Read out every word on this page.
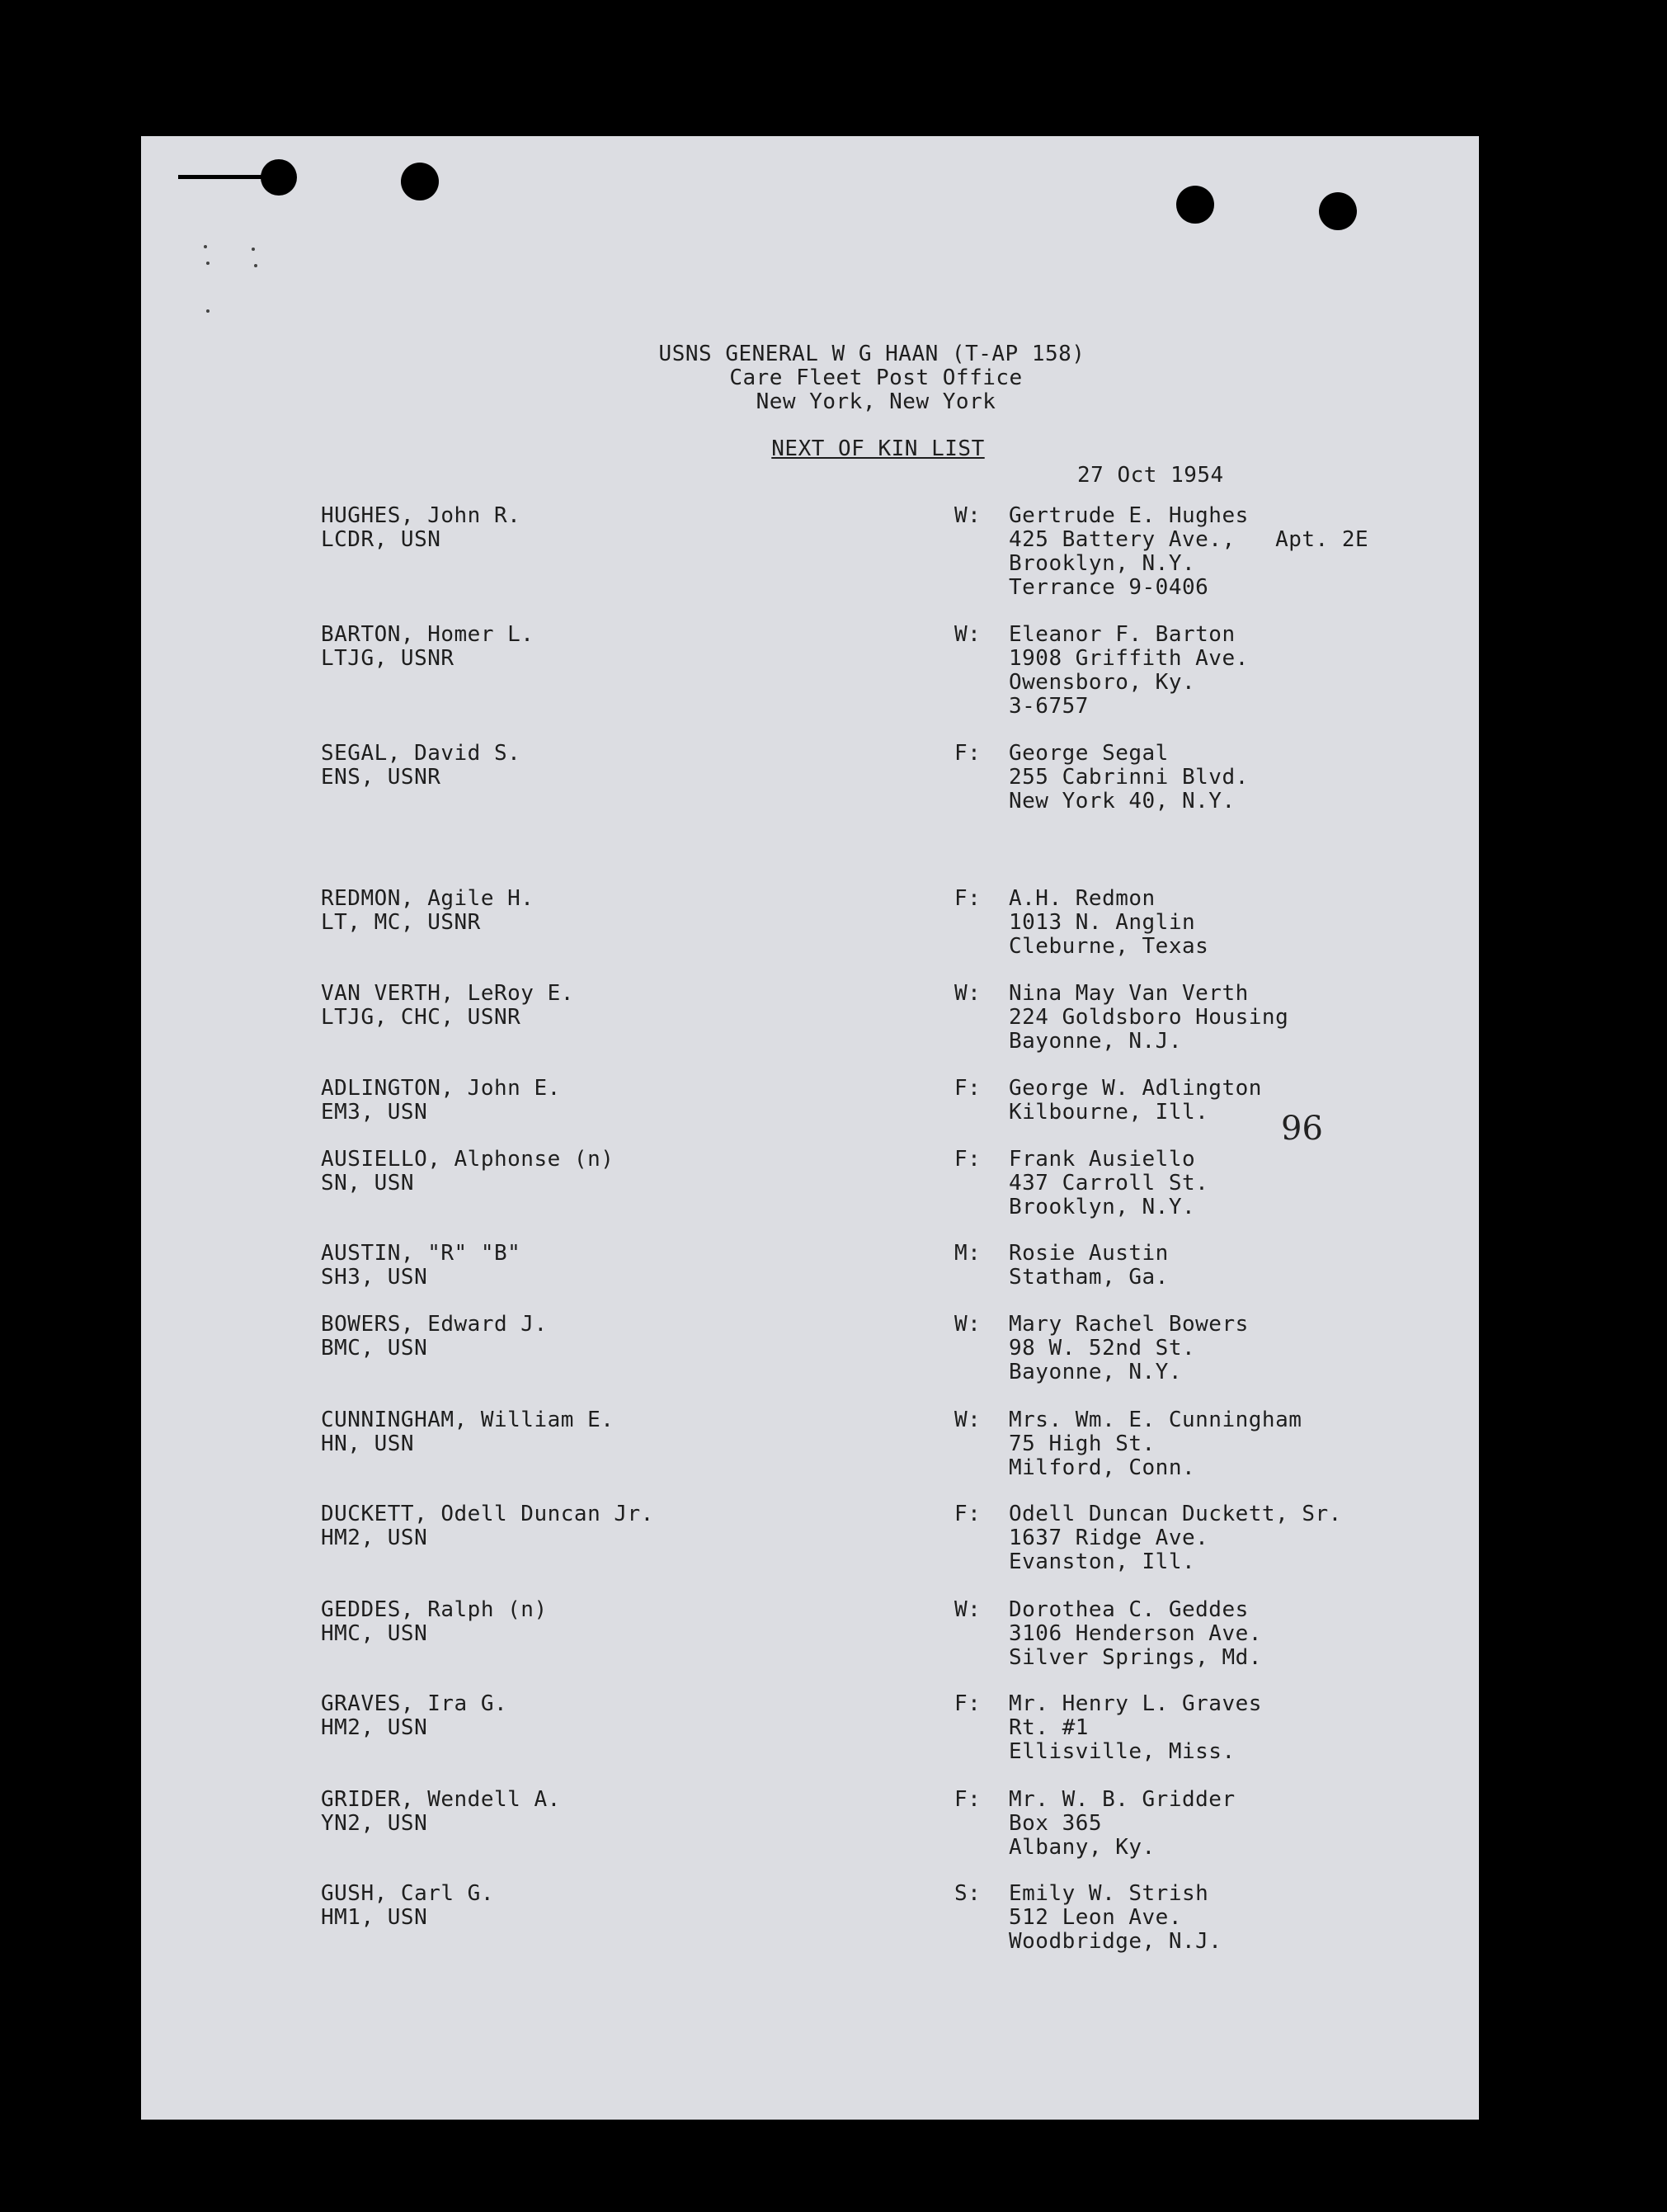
USNS GENERAL W G HAAN (T-AP 158)
Care Fleet Post Office
New York, New York
NEXT OF KIN LIST
27 Oct 1954
96
HUGHES, John R.
LCDR, USN
W: Gertrude E. Hughes
425 Battery Ave.,   Apt. 2E
Brooklyn, N.Y.
Terrance 9-0406
BARTON, Homer L.
LTJG, USNR
W: Eleanor F. Barton
1908 Griffith Ave.
Owensboro, Ky.
3-6757
SEGAL, David S.
ENS, USNR
F: George Segal
255 Cabrinni Blvd.
New York 40, N.Y.
REDMON, Agile H.
LT, MC, USNR
F: A.H. Redmon
1013 N. Anglin
Cleburne, Texas
VAN VERTH, LeRoy E.
LTJG, CHC, USNR
W: Nina May Van Verth
224 Goldsboro Housing
Bayonne, N.J.
ADLINGTON, John E.
EM3, USN
F: George W. Adlington
Kilbourne, Ill.
AUSIELLO, Alphonse (n)
SN, USN
F: Frank Ausiello
437 Carroll St.
Brooklyn, N.Y.
AUSTIN, "R" "B"
SH3, USN
M: Rosie Austin
Statham, Ga.
BOWERS, Edward J.
BMC, USN
W: Mary Rachel Bowers
98 W. 52nd St.
Bayonne, N.Y.
CUNNINGHAM, William E.
HN, USN
W: Mrs. Wm. E. Cunningham
75 High St.
Milford, Conn.
DUCKETT, Odell Duncan Jr.
HM2, USN
F: Odell Duncan Duckett, Sr.
1637 Ridge Ave.
Evanston, Ill.
GEDDES, Ralph (n)
HMC, USN
W: Dorothea C. Geddes
3106 Henderson Ave.
Silver Springs, Md.
GRAVES, Ira G.
HM2, USN
F: Mr. Henry L. Graves
Rt. #1
Ellisville, Miss.
GRIDER, Wendell A.
YN2, USN
F: Mr. W. B. Gridder
Box 365
Albany, Ky.
GUSH, Carl G.
HM1, USN
S: Emily W. Strish
512 Leon Ave.
Woodbridge, N.J.
